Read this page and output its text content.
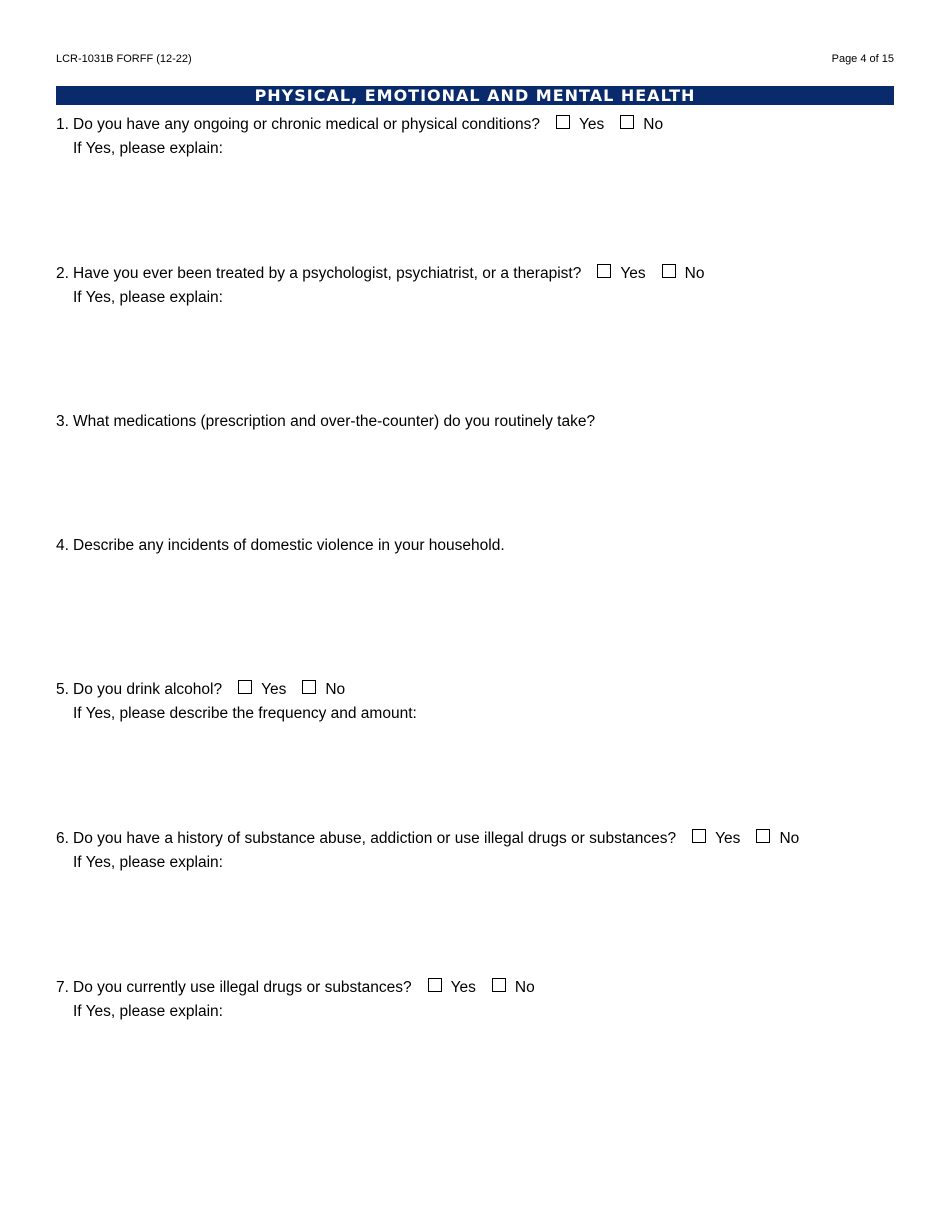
LCR-1031B FORFF (12-22)	Page 4 of 15
PHYSICAL, EMOTIONAL AND MENTAL HEALTH
1. Do you have any ongoing or chronic medical or physical conditions?	Yes	No
If Yes, please explain:
2. Have you ever been treated by a psychologist, psychiatrist, or a therapist?	Yes	No
If Yes, please explain:
3. What medications (prescription and over-the-counter) do you routinely take?
4. Describe any incidents of domestic violence in your household.
5. Do you drink alcohol?	Yes	No
If Yes, please describe the frequency and amount:
6. Do you have a history of substance abuse, addiction or use illegal drugs or substances?	Yes	No
If Yes, please explain:
7. Do you currently use illegal drugs or substances?	Yes	No
If Yes, please explain:
